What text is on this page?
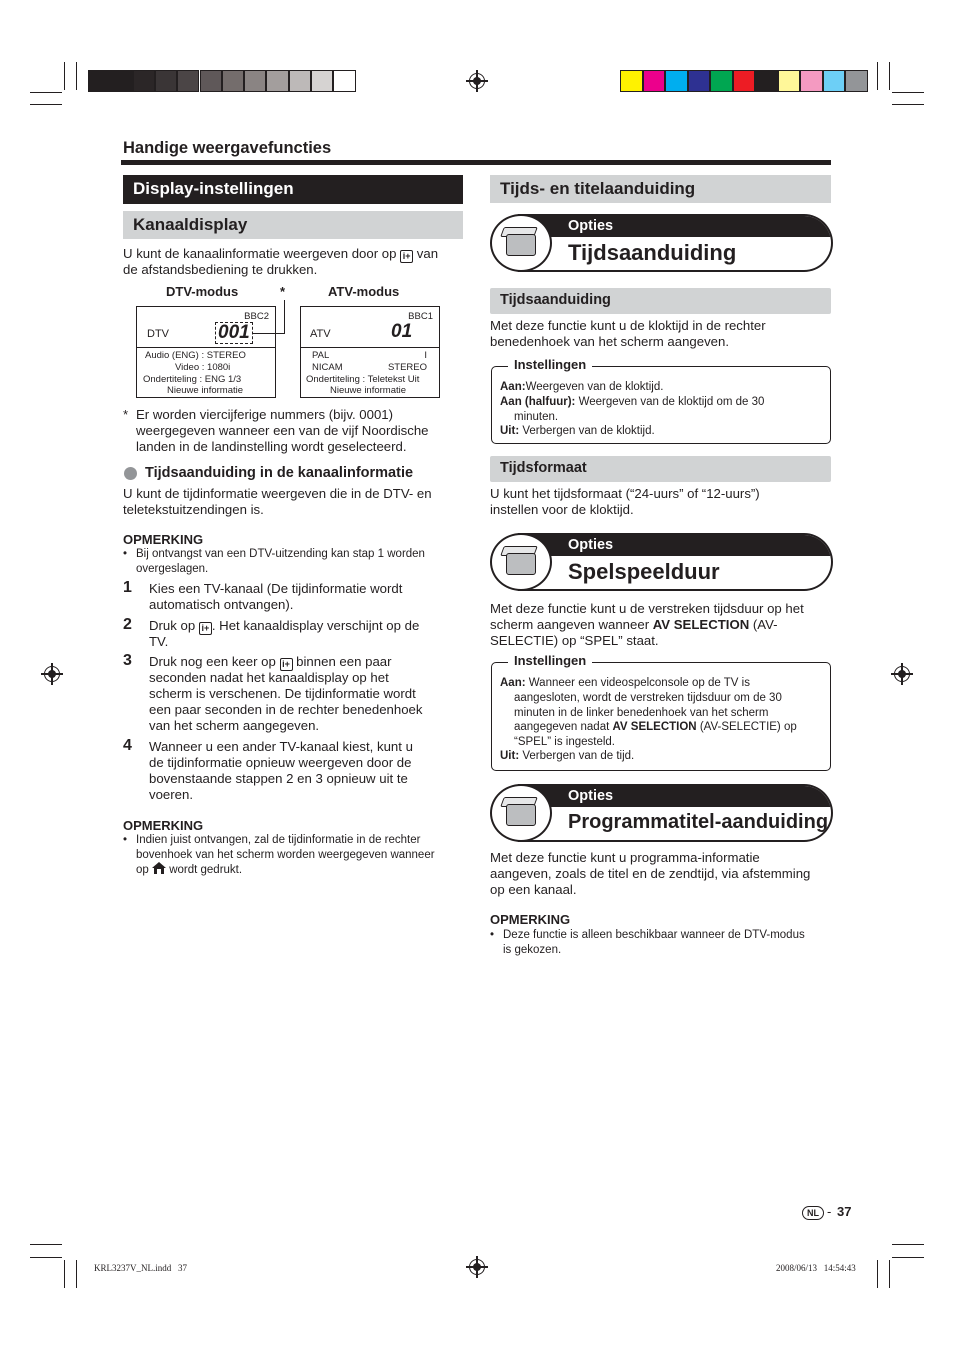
Handige weergavefuncties
Display-instellingen
Kanaaldisplay
U kunt de kanaalinformatie weergeven door op i+ van
de afstandsbediening te drukken.
DTV-modus	*	ATV-modus
BBC2
DTV	001
Audio (ENG) : STEREO
Video : 1080i
Ondertiteling : ENG 1/3
Nieuwe informatie
BBC1
ATV	01
PAL	I
NICAM	STEREO
Ondertiteling : Teletekst Uit
Nieuwe informatie
* Er worden viercijferige nummers (bijv. 0001)
weergegeven wanneer een van de vijf Noordische
landen in de landinstelling wordt geselecteerd.
Tijdsaanduiding in de kanaalinformatie
U kunt de tijdinformatie weergeven die in de DTV- en
teletekstuitzendingen is.
OPMERKING
• Bij ontvangst van een DTV-uitzending kan stap 1 worden
overgeslagen.
1 Kies een TV-kanaal (De tijdinformatie wordt
automatisch ontvangen).
2 Druk op i+ . Het kanaaldisplay verschijnt op de
TV.
3 Druk nog een keer op i+ binnen een paar
seconden nadat het kanaaldisplay op het
scherm is verschenen. De tijdinformatie wordt
een paar seconden in de rechter benedenhoek
van het scherm aangegeven.
4 Wanneer u een ander TV-kanaal kiest, kunt u
de tijdinformatie opnieuw weergeven door de
bovenstaande stappen 2 en 3 opnieuw uit te
voeren.
OPMERKING
• Indien juist ontvangen, zal de tijdinformatie in de rechter
bovenhoek van het scherm worden weergegeven wanneer
op wordt gedrukt.
Tijds- en titelaanduiding
Opties
Tijdsaanduiding
Tijdsaanduiding
Met deze functie kunt u de kloktijd in de rechter
benedenhoek van het scherm aangeven.
Instellingen
Aan:Weergeven van de kloktijd.
Aan (halfuur): Weergeven van de kloktijd om de 30
minuten.
Uit: Verbergen van de kloktijd.
Tijdsformaat
U kunt het tijdsformaat (“24-uurs” of “12-uurs”)
instellen voor de kloktijd.
Opties
Spelspeelduur
Met deze functie kunt u de verstreken tijdsduur op het
scherm aangeven wanneer AV SELECTION (AV-
SELECTIE) op “SPEL” staat.
Instellingen
Aan: Wanneer een videospelconsole op de TV is
aangesloten, wordt de verstreken tijdsduur om de 30
minuten in de linker benedenhoek van het scherm
aangegeven nadat AV SELECTION (AV-SELECTIE) op
“SPEL” is ingesteld.
Uit: Verbergen van de tijd.
Opties
Programmatitel-aanduiding
Met deze functie kunt u programma-informatie
aangeven, zoals de titel en de zendtijd, via afstemming
op een kanaal.
OPMERKING
• Deze functie is alleen beschikbaar wanneer de DTV-modus
is gekozen.
NL - 37
KRL3237V_NL.indd   37	2008/06/13   14:54:43
